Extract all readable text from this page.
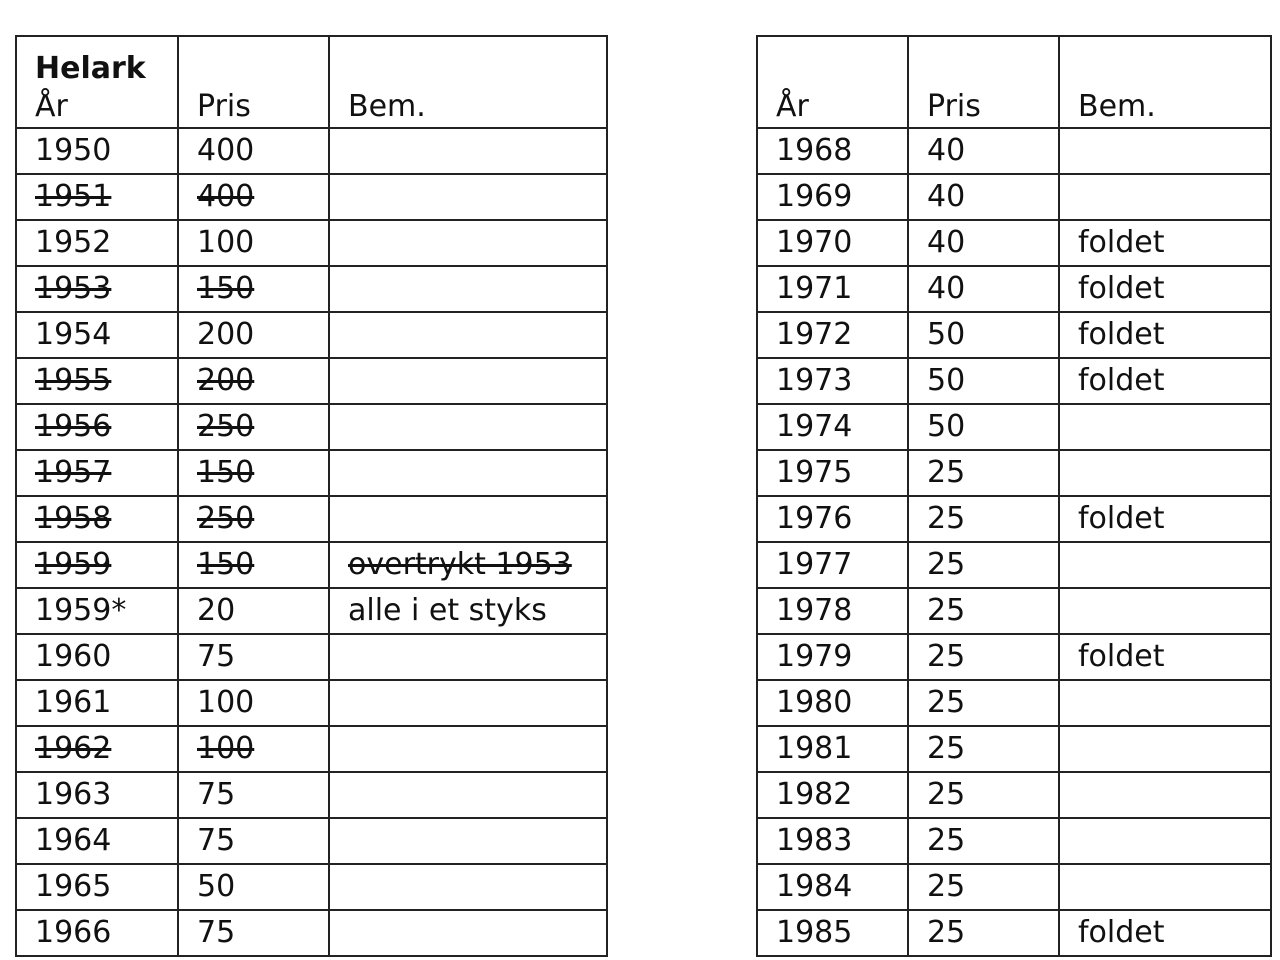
Helark
År	Pris	Bem.
1950	400	
1951	400	
1952	100	
1953	150	
1954	200	
1955	200	
1956	250	
1957	150	
1958	250	
1959	150	overtrykt 1953
1959*	20	alle i et styks
1960	75	
1961	100	
1962	100	
1963	75	
1964	75	
1965	50	
1966	75	
År	Pris	Bem.
1968	40	
1969	40	
1970	40	foldet
1971	40	foldet
1972	50	foldet
1973	50	foldet
1974	50	
1975	25	
1976	25	foldet
1977	25	
1978	25	
1979	25	foldet
1980	25	
1981	25	
1982	25	
1983	25	
1984	25	
1985	25	foldet
